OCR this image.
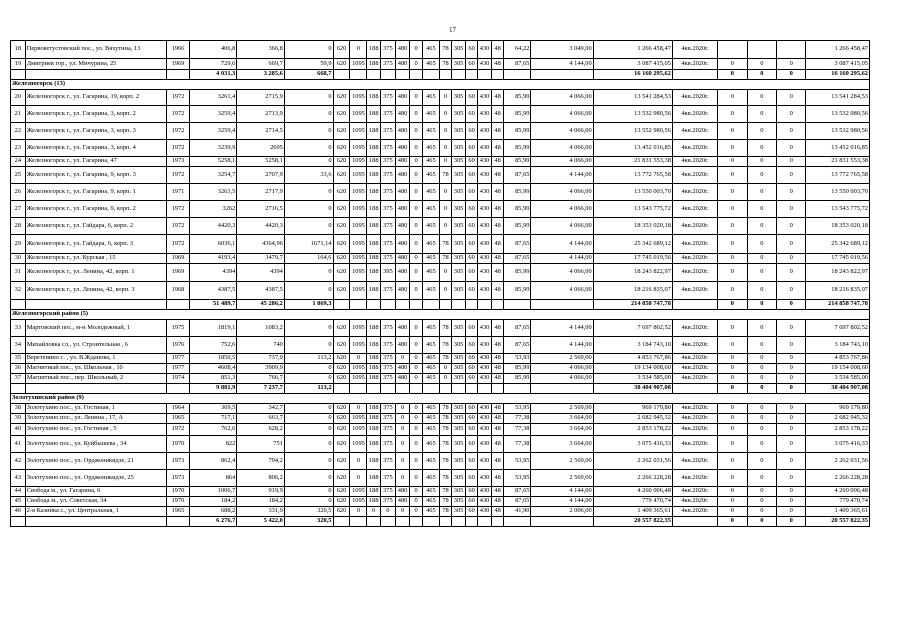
17
18	Первоветустовский пос., ул. Вяхутина, 13	1966	406,8	366,8	0	620	0	188	375	480	0	465	78	305	60	430	48	64,22	3 049,00	1 266 458,47	4кв.2020г.				1 266 458,47
19	Дмитриев гор., ул. Мичурина, 25	1969	729,6	669,7	59,9	620	1095	188	375	480	0	465	78	305	60	430	48	87,65	4 144,00	3 087 415,05	4кв.2020г.	0	0	0	3 087 415,05
			4 031,3	3 285,6	668,7															16 160 295,62		0	0	0	16 160 295,62
Железногорск (13)																									
20	Железногорск г., ул. Гагарина, 19, корп. 2	1972	3261,4	2715,9	0	620	1095	188	375	480	0	465	0	305	60	430	48	85,99	4 066,00	13 541 284,53	4кв.2020г.	0	0	0	13 541 284,53
21	Железногорск г., ул. Гагарина, 3, корп. 2	1972	3259,4	2713,9	0	620	1095	188	375	480	0	465	0	305	60	430	48	85,99	4 066,00	13 532 980,56	4кв.2020г.	0	0	0	13 532 980,56
22	Железногорск г., ул. Гагарина, 3, корп. 3	1972	3259,4	2714,5	0	620	1095	188	375	480	0	465	0	305	60	430	48	85,99	4 066,00	13 552 980,56	4кв.2020г.	0	0	0	13 532 980,56
23	Железногорск г., ул. Гагарина, 3, корп. 4	1972	3239,9	2695	0	620	1095	188	375	480	0	465	0	305	60	430	48	85,99	4 066,00	13 452 016,85	4кв.2020г.	0	0	0	13 452 016,85
24	Железногорск г., ул. Гагарина, 47	1973	5258,1	5258,1	0	620	1095	188	375	480	0	465	0	305	60	430	48	85,99	4 066,00	21 831 553,38	4кв.2020г.	0	0	0	21 831 553,38
25	Железногорск г., ул. Гагарина, 9, корп. 3	1972	3254,7	2707,9	33,6	620	1095	188	375	480	0	465	78	305	60	430	48	87,65	4 144,00	13 772 765,58	4кв.2020г.	0	0	0	13 772 765,58
26	Железногорск г., ул. Гагарина, 9, корп. 1	1971	3263,5	2717,9	0	620	1095	188	375	480	0	465	0	305	60	430	48	85,99	4 066,00	13 550 003,70	4кв.2020г.	0	0	0	13 550 003,70
27	Железногорск г., ул. Гагарина, 9, корп. 2	1972	3262	2716,5	0	620	1095	188	375	480	0	465	0	305	60	430	48	85,99	4 066,00	13 543 775,72	4кв.2020г.	0	0	0	13 543 775,72
28	Железногорск г., ул. Гайдара, 6, корп. 2	1972	4420,3	4420,3	0	620	1095	188	375	480	0	465	0	305	60	430	48	85,99	4 066,00	18 353 020,18	4кв.2020г.	0	0	0	18 353 020,18
29	Железногорск г., ул. Гайдара, 6, корп. 3	1972	6036,1	4364,96	1671,14	620	1095	188	375	480	0	465	78	305	60	430	48	87,65	4 144,00	25 342 689,12	4кв.2020г.	0	0	0	25 342 689,12
30	Железногорск г., ул. Курская , 15	1969	4193,4	3479,7	164,6	620	1095	188	375	480	0	465	78	305	60	430	48	87,65	4 144,00	17 745 019,56	4кв.2020г.	0	0	0	17 745 019,56
31	Железногорск г., ул. Ленина, 42, корп. 1	1969	4394	4394	0	620	1095	188	395	480	0	465	0	305	60	430	48	85,99	4 066,00	18 243 822,97	4кв.2020г.	0	0	0	18 243 822,97
32	Железногорск г., ул. Ленина, 42, корп. 3	1968	4387,5	4387,5	0	620	1095	188	375	480	0	465	0	305	60	430	48	85,99	4 066,00	18 216 835,07	4кв.2020г.	0	0	0	18 216 835,07
			51 489,7	45 286,2	1 869,3															214 858 747,78		0	0	0	214 858 747,78
Железногорский район (5)																									
33	Мартовский пос., м-н Молодежный, 1	1975	1819,1	1083,2	0	620	1095	188	375	480	0	465	78	305	60	430	48	87,65	4 144,00	7 697 802,52	4кв.2020г.	0	0	0	7 697 802,52
34	Михайловка сл., ул. Строительная , 6	1976	752,6	740	0	620	1095	188	375	480	0	465	78	305	60	430	48	87,65	4 144,00	3 184 743,10	4кв.2020г.	0	0	0	3 184 743,10
35	Веретенино с. , ул. В.Жданова, 1	1977	1850,5	737,9	113,2	620	0	188	375	0	0	465	78	305	60	430	48	53,93	2 569,00	4 853 767,86	4кв.2020г.	0	0	0	4 853 767,86
36	Магнитный пос., ул. Школьная , 10	1977	4608,4	3909,9	0	620	1095	188	375	480	0	465	0	305	60	430	48	85,99	4 066,00	19 134 008,60	4кв.2020г.	0	0	0	19 154 008,60
37	Магнитный пос., пер. Школьный, 2	1974	851,3	766,7	0	620	1095	188	375	480	0	465	0	305	60	430	48	85,99	4 066,00	3 534 585,00	4кв.2020г.	0	0	0	3 534 585,00
			9 881,9	7 237,7	113,2															38 404 907,08		0	0	0	38 404 907,08
Золотухинский район (9)																									
38	Золотухино пос., ул. Гостиная, 1	1964	369,5	342,7	0	620	0	188	375	0	0	465	78	305	60	430	48	53,95	2 569,00	969 179,80	4кв.2020г.	0	0	0	969 179,80
39	Золотухино пос., ул. Ленина , 17, А	1965	717,1	663,7	0	620	1095	188	375	0	0	465	78	305	60	430	48	77,38	3 664,00	2 682 945,32	4кв.2020г.	0	0	0	2 682 945,32
40	Золотухино пос., ул. Гостиная , 5	1972	762,6	628,2	0	620	1095	188	375	0	0	465	78	305	60	430	48	77,38	3 664,00	2 853 178,22	4кв.2020г.	0	0	0	2 853 178,22
41	Золотухино пос., ул. Куйбышева , 34	1970	822	751	0	620	1095	188	375	0	0	465	78	305	60	430	48	77,38	3 664,00	3 075 416,33	4кв.2020г.	0	0	0	3 075 416,33
42	Золотухино пос., ул. Орджоникидзе, 21	1973	862,4	794,2	0	620	0	188	375	0	0	465	78	305	60	430	48	53,95	2 569,00	2 262 031,56	4кв.2020г.	0	0	0	2 262 031,56
43	Золотухино пос., ул. Орджоникидзе, 25	1973	864	806,2	0	620	0	188	375	0	0	465	78	305	60	430	48	53,95	2 569,00	2 266 228,28	4кв.2020г.	0	0	0	2 266 228,28
44	Свобода м., ул. Гагарина, 6	1970	1006,7	919,9	0	620	1095	188	375	480	0	465	78	305	60	430	48	87,65	4 144,00	4 260 006,48	4кв.2020г.	0	0	0	4 260 006,48
45	Свобода м., ул. Советская, 34	1970	184,2	184,2	0	620	1095	188	375	480	0	465	78	305	60	430	48	87,65	4 144,00	779 470,74	4кв.2020г.	0	0	0	779 470,74
46	2-я Казинка с., ул. Центральная, 1	1965	688,2	331,9	320,5	620	0	0	0	0	0	465	78	305	60	430	48	41,90	2 006,00	1 409 365,61	4кв.2020г.	0	0	0	1 409 365,61
			6 276,7	5 422,0	320,5															20 557 822,35		0	0	0	20 557 822,35
